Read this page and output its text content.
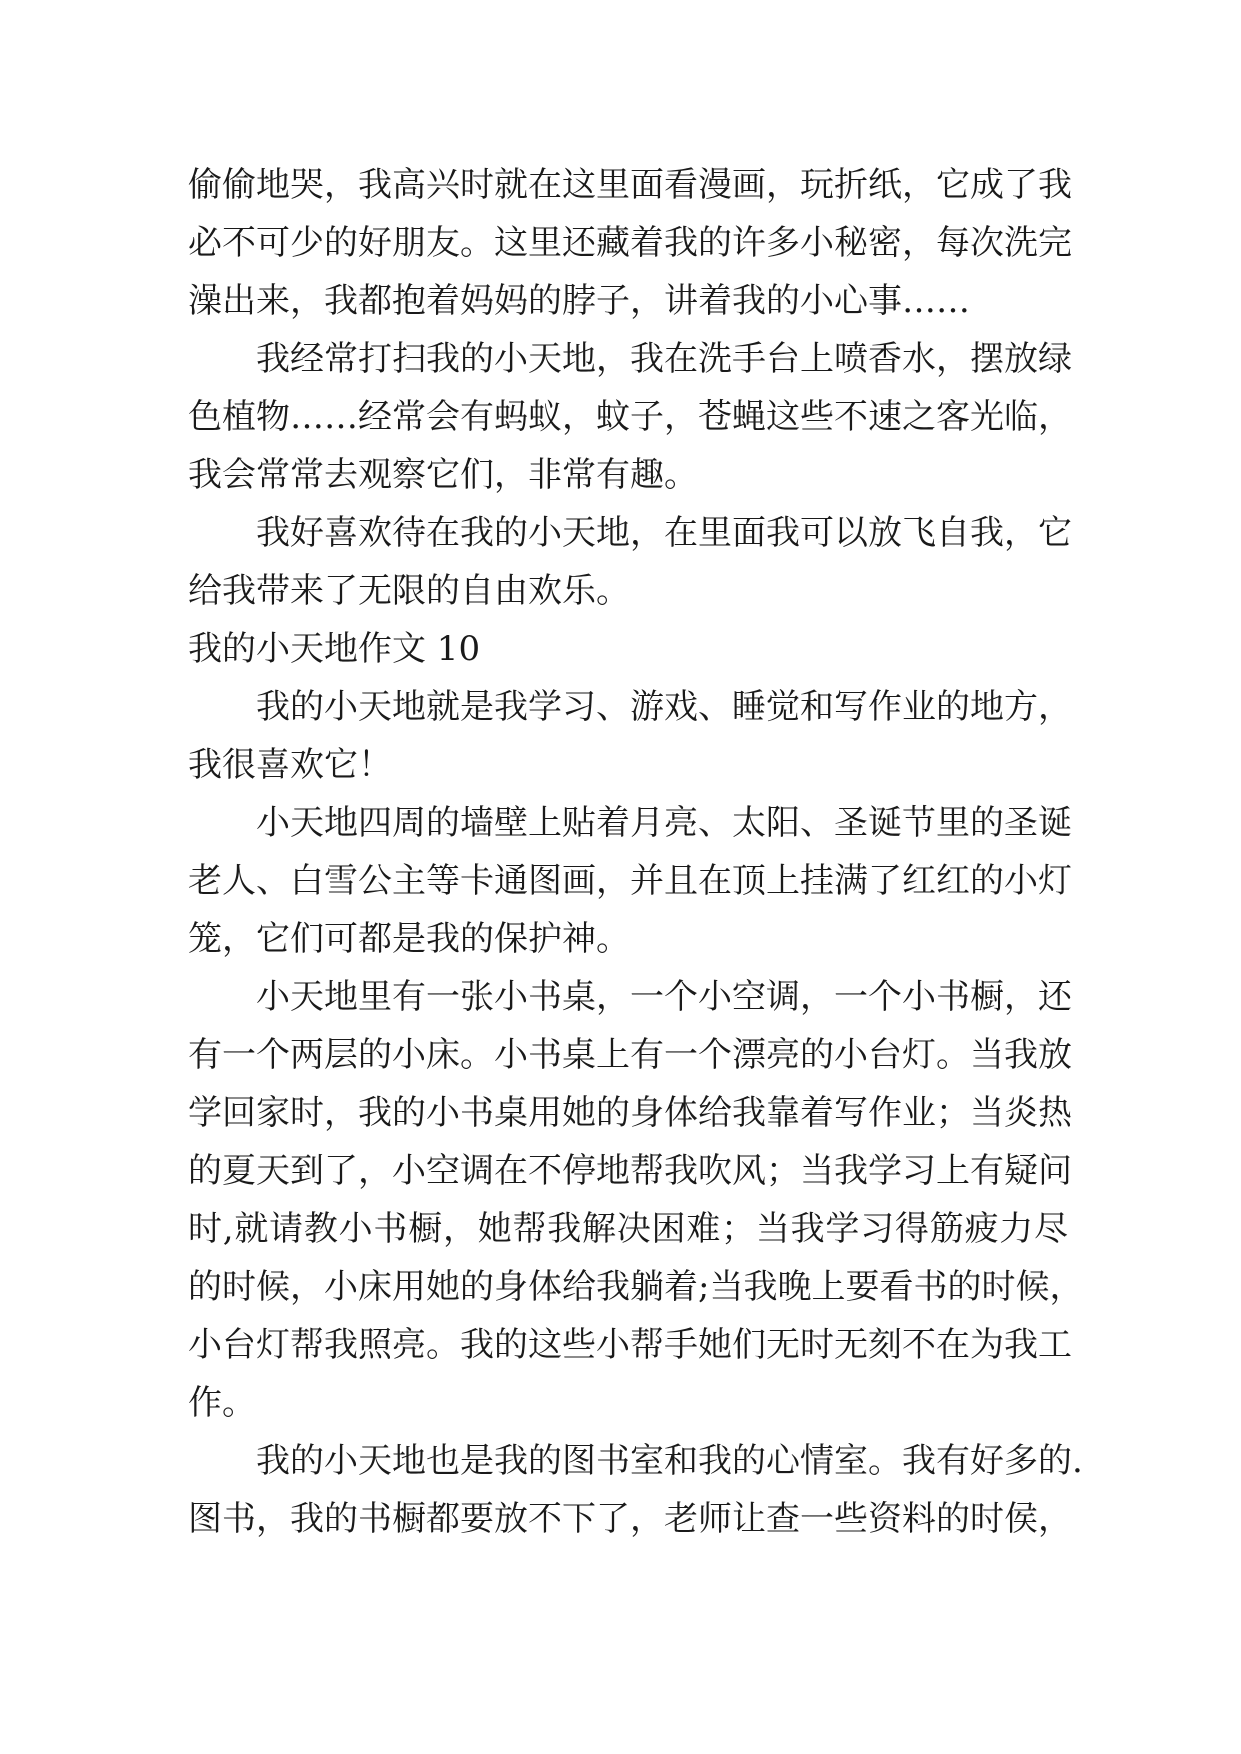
偷偷地哭，我高兴时就在这里面看漫画，玩折纸，它成了我
必不可少的好朋友。这里还藏着我的许多小秘密，每次洗完
澡出来，我都抱着妈妈的脖子，讲着我的小心事……
我经常打扫我的小天地，我在洗手台上喷香水，摆放绿
色植物……经常会有蚂蚁，蚊子，苍蝇这些不速之客光临，
我会常常去观察它们，非常有趣。
我好喜欢待在我的小天地，在里面我可以放飞自我，它
给我带来了无限的自由欢乐。
我的小天地作文 10
我的小天地就是我学习、游戏、睡觉和写作业的地方，
我很喜欢它！
小天地四周的墙壁上贴着月亮、太阳、圣诞节里的圣诞
老人、白雪公主等卡通图画，并且在顶上挂满了红红的小灯
笼，它们可都是我的保护神。
小天地里有一张小书桌，一个小空调，一个小书橱，还
有一个两层的小床。小书桌上有一个漂亮的小台灯。当我放
学回家时，我的小书桌用她的身体给我靠着写作业；当炎热
的夏天到了，小空调在不停地帮我吹风；当我学习上有疑问
时,就请教小书橱，她帮我解决困难；当我学习得筋疲力尽
的时候，小床用她的身体给我躺着;当我晚上要看书的时候，
小台灯帮我照亮。我的这些小帮手她们无时无刻不在为我工
作。
我的小天地也是我的图书室和我的心情室。我有好多的.
图书，我的书橱都要放不下了，老师让查一些资料的时侯，
